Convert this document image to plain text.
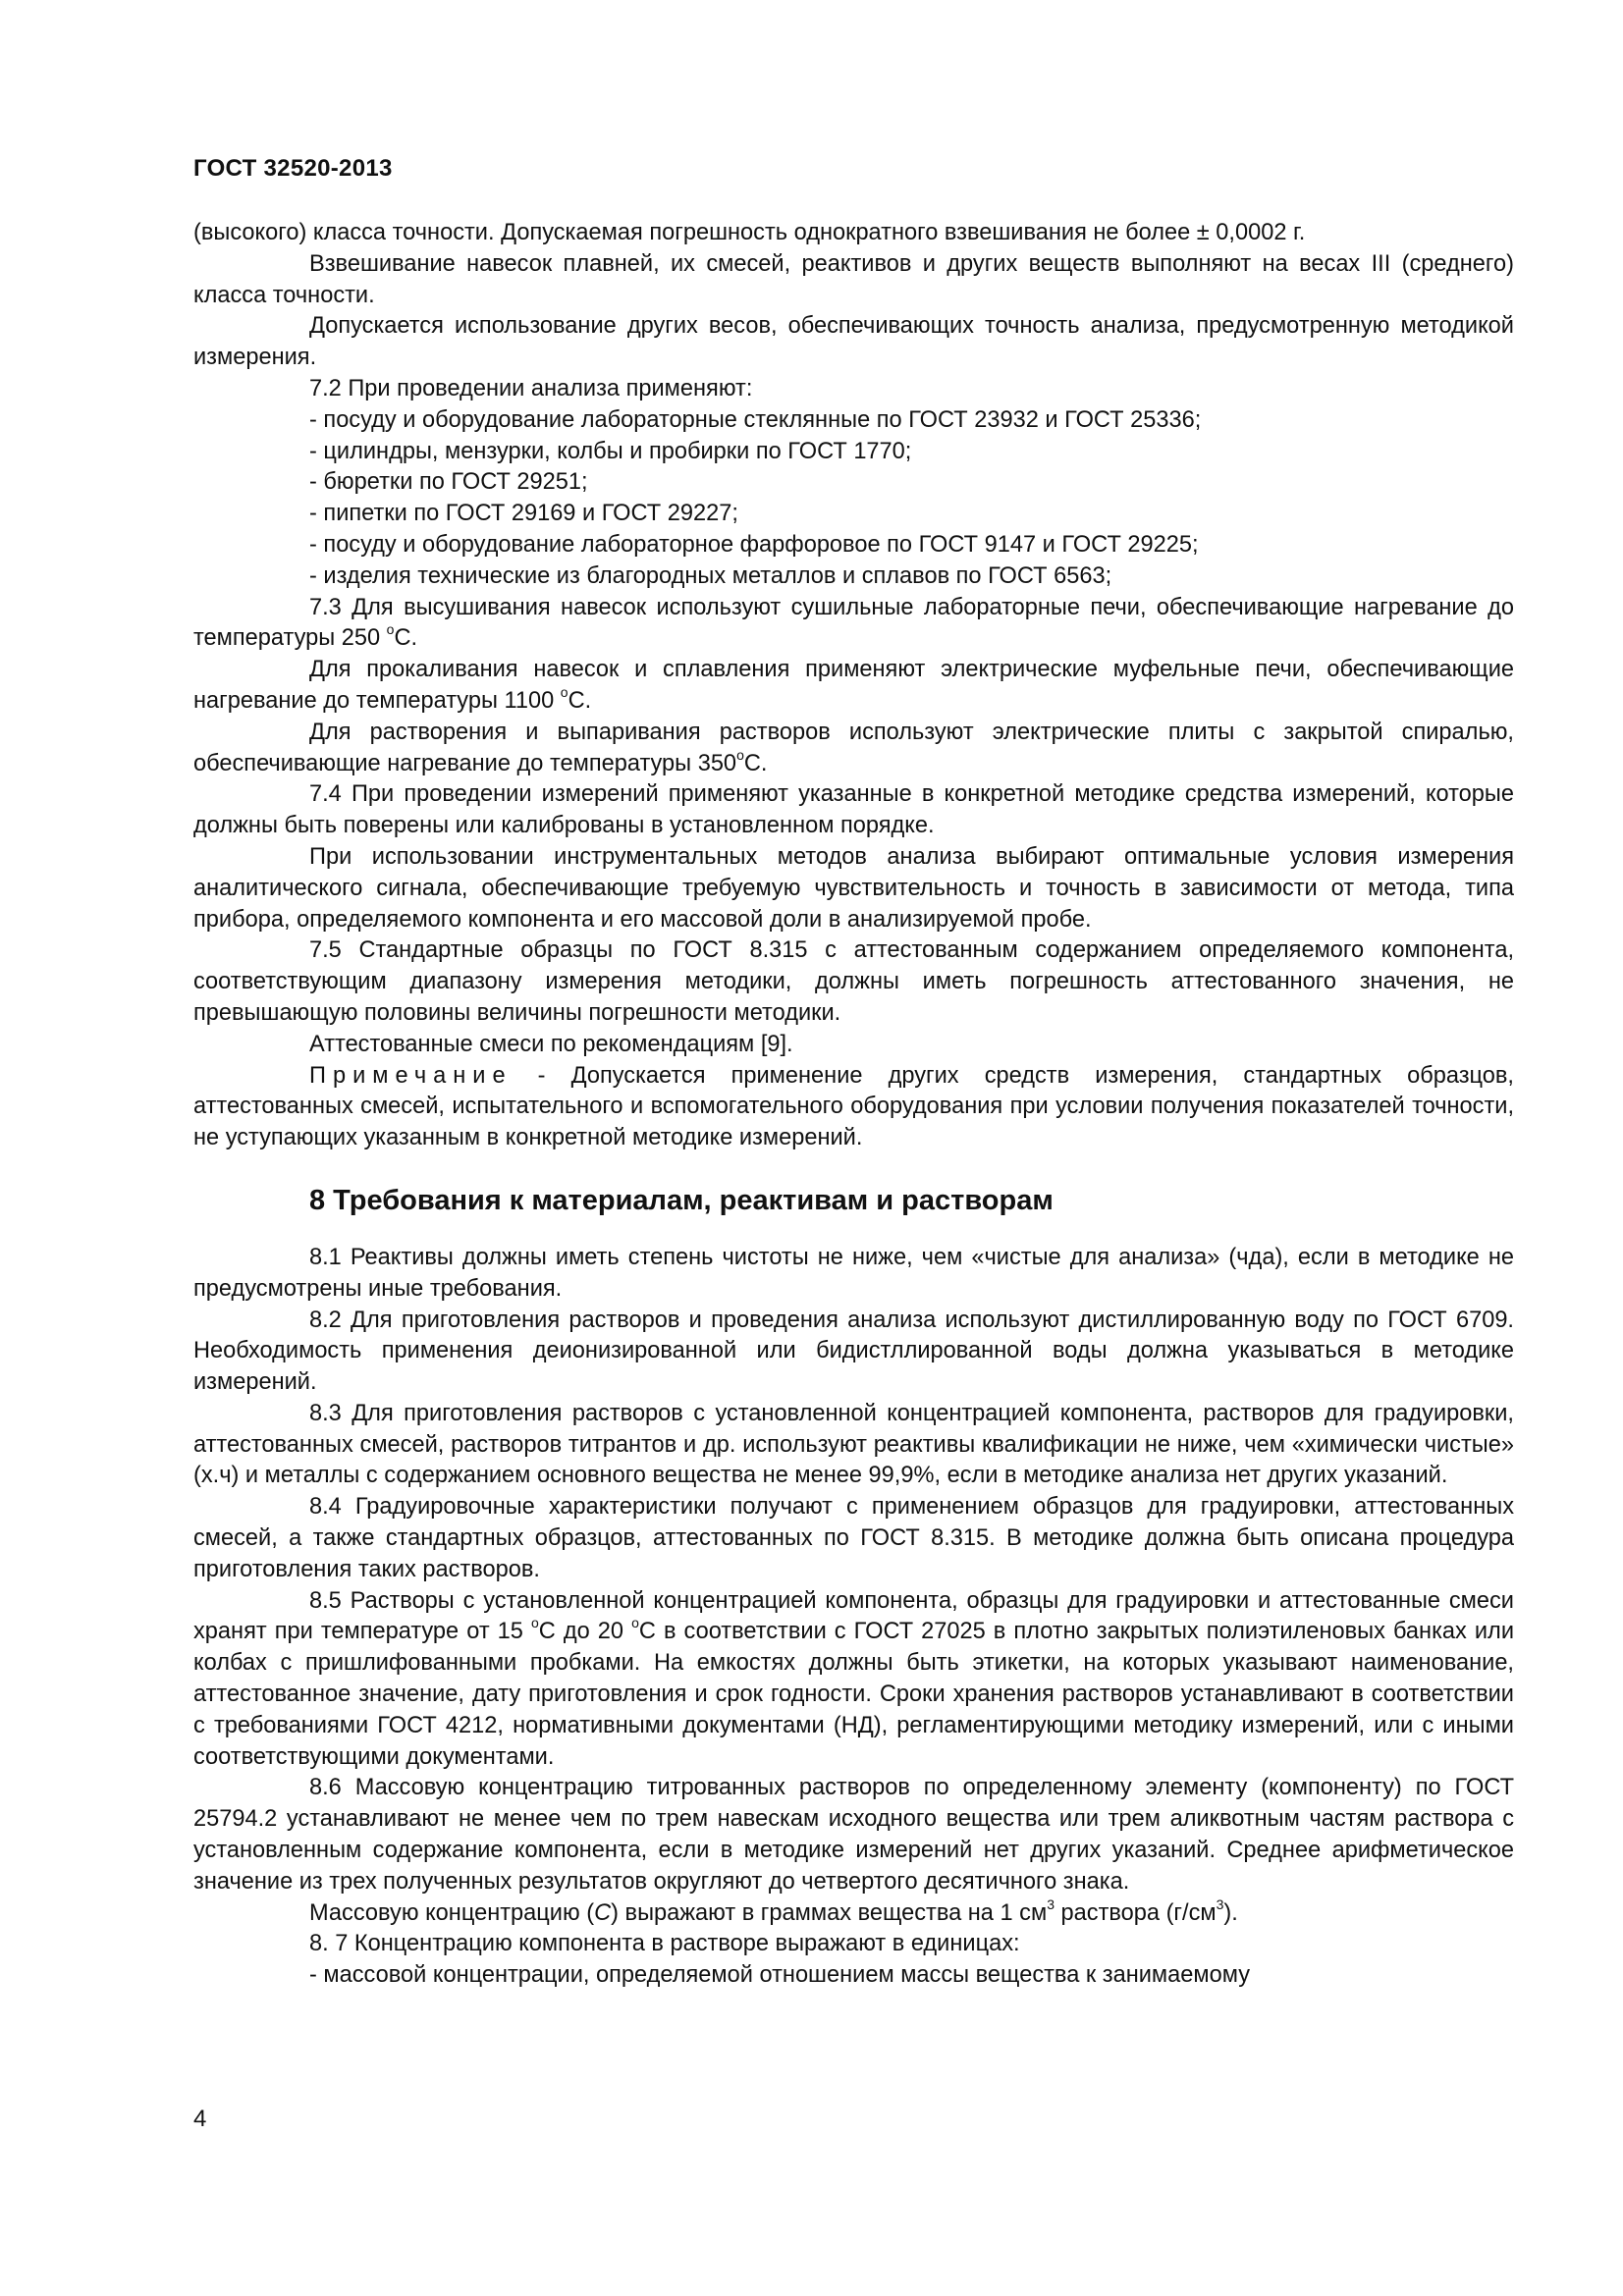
ГОСТ 32520-2013

(высокого) класса точности. Допускаемая погрешность однократного взвешивания не более ± 0,0002 г.

Взвешивание навесок плавней, их смесей, реактивов и других веществ выполняют на весах III (среднего) класса точности.

Допускается использование других весов, обеспечивающих точность анализа, предусмотренную методикой измерения.

7.2 При проведении анализа применяют:

- посуду и оборудование лабораторные стеклянные по ГОСТ 23932 и ГОСТ 25336;

- цилиндры, мензурки, колбы и пробирки по ГОСТ 1770;

- бюретки по ГОСТ 29251;

- пипетки по ГОСТ 29169 и ГОСТ 29227;

- посуду и оборудование лабораторное фарфоровое по ГОСТ 9147 и ГОСТ 29225;

- изделия технические из благородных металлов и сплавов по ГОСТ 6563;

7.3 Для высушивания навесок используют сушильные лабораторные печи, обеспечивающие нагревание до температуры 250 $^o$С.

Для прокаливания навесок и сплавления применяют электрические муфельные печи, обеспечивающие нагревание до температуры 1100 $^o$С.

Для растворения и выпаривания растворов используют электрические плиты с закрытой спиралью, обеспечивающие нагревание до температуры 350$^o$С.

7.4 При проведении измерений применяют указанные в конкретной методике средства измерений, которые должны быть поверены или калиброваны в установленном порядке.

При использовании инструментальных методов анализа выбирают оптимальные условия измерения аналитического сигнала, обеспечивающие требуемую чувствительность и точность в зависимости от метода, типа прибора, определяемого компонента и его массовой доли в анализируемой пробе.

7.5 Стандартные образцы по ГОСТ 8.315 с аттестованным содержанием определяемого компонента, соответствующим диапазону измерения методики, должны иметь погрешность аттестованного значения, не превышающую половины величины погрешности методики.

Аттестованные смеси по рекомендациям [9].

Примечание - Допускается применение других средств измерения, стандартных образцов, аттестованных смесей, испытательного и вспомогательного оборудования при условии получения показателей точности, не уступающих указанным в конкретной методике измерений.

8 Требования к материалам, реактивам и растворам

8.1 Реактивы должны иметь степень чистоты не ниже, чем «чистые для анализа» (чда), если в методике не предусмотрены иные требования.

8.2 Для приготовления растворов и проведения анализа используют дистиллированную воду по ГОСТ 6709. Необходимость применения деионизированной или бидистллированной воды должна указываться в методике измерений.

8.3 Для приготовления растворов с установленной концентрацией компонента, растворов для градуировки, аттестованных смесей, растворов титрантов и др. используют реактивы квалификации не ниже, чем «химически чистые» (х.ч) и металлы с содержанием основного вещества не менее 99,9%, если в методике анализа нет других указаний.

8.4 Градуировочные характеристики получают с применением образцов для градуировки, аттестованных смесей, а также стандартных образцов, аттестованных по ГОСТ 8.315. В методике должна быть описана процедура приготовления таких растворов.

8.5 Растворы с установленной концентрацией компонента, образцы для градуировки и аттестованные смеси хранят при температуре от 15 $^o$С до 20 $^o$С в соответствии с ГОСТ 27025 в плотно закрытых полиэтиленовых банках или колбах с пришлифованными пробками. На емкостях должны быть этикетки, на которых указывают наименование, аттестованное значение, дату приготовления и срок годности. Сроки хранения растворов устанавливают в соответствии с требованиями ГОСТ 4212, нормативными документами (НД), регламентирующими методику измерений, или с иными соответствующими документами.

8.6 Массовую концентрацию титрованных растворов по определенному элементу (компоненту) по ГОСТ 25794.2 устанавливают не менее чем по трем навескам исходного вещества или трем аликвотным частям раствора с установленным содержание компонента, если в методике измерений нет других указаний. Среднее арифметическое значение из трех полученных результатов округляют до четвертого десятичного знака.

Массовую концентрацию (C) выражают в граммах вещества на 1 $см^3$ раствора $(г/см^3)$.

8. 7 Концентрацию компонента в растворе выражают в единицах:

- массовой концентрации, определяемой отношением массы вещества к занимаемому

4
